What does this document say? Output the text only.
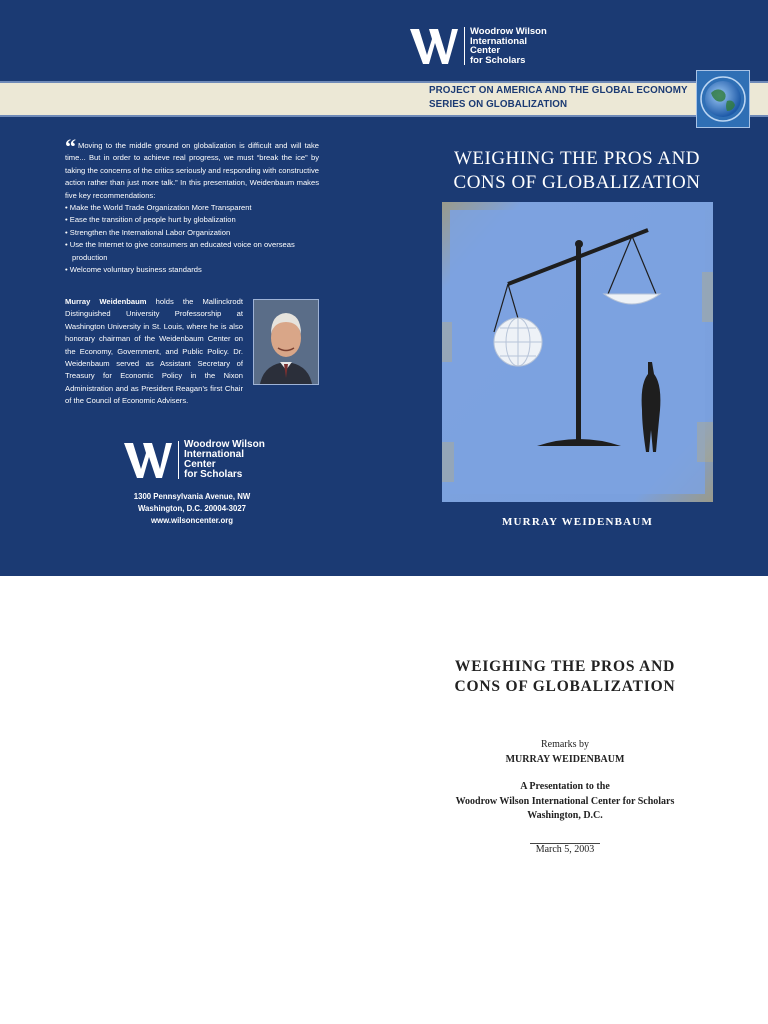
Woodrow Wilson
International
Center
for Scholars
PROJECT ON AMERICA AND THE GLOBAL ECONOMY
SERIES ON GLOBALIZATION
“ Moving to the middle ground on globalization is difficult and will take time... But in order to achieve real progress, we must “break the ice” by taking the concerns of the critics seriously and responding with constructive action rather than just more talk.” In this presentation, Weidenbaum makes five key recommendations:
• Make the World Trade Organization More Transparent
• Ease the transition of people hurt by globalization
• Strengthen the International Labor Organization
• Use the Internet to give consumers an educated voice on overseas production
• Welcome voluntary business standards
Murray Weidenbaum holds the Mallinckrodt Distinguished University Professorship at Washington University in St. Louis, where he is also honorary chairman of the Weidenbaum Center on the Economy, Government, and Public Policy. Dr. Weidenbaum served as Assistant Secretary of Treasury for Economic Policy in the Nixon Administration and as President Reagan’s first Chair of the Council of Economic Advisers.
Woodrow Wilson
International
Center
for Scholars
1300 Pennsylvania Avenue, NW
Washington, D.C. 20004-3027
www.wilsoncenter.org
WEIGHING THE PROS AND
CONS OF GLOBALIZATION
MURRAY WEIDENBAUM
WEIGHING THE PROS AND
CONS OF GLOBALIZATION
Remarks by
MURRAY WEIDENBAUM
A Presentation to the
Woodrow Wilson International Center for Scholars
Washington, D.C.
March 5, 2003
